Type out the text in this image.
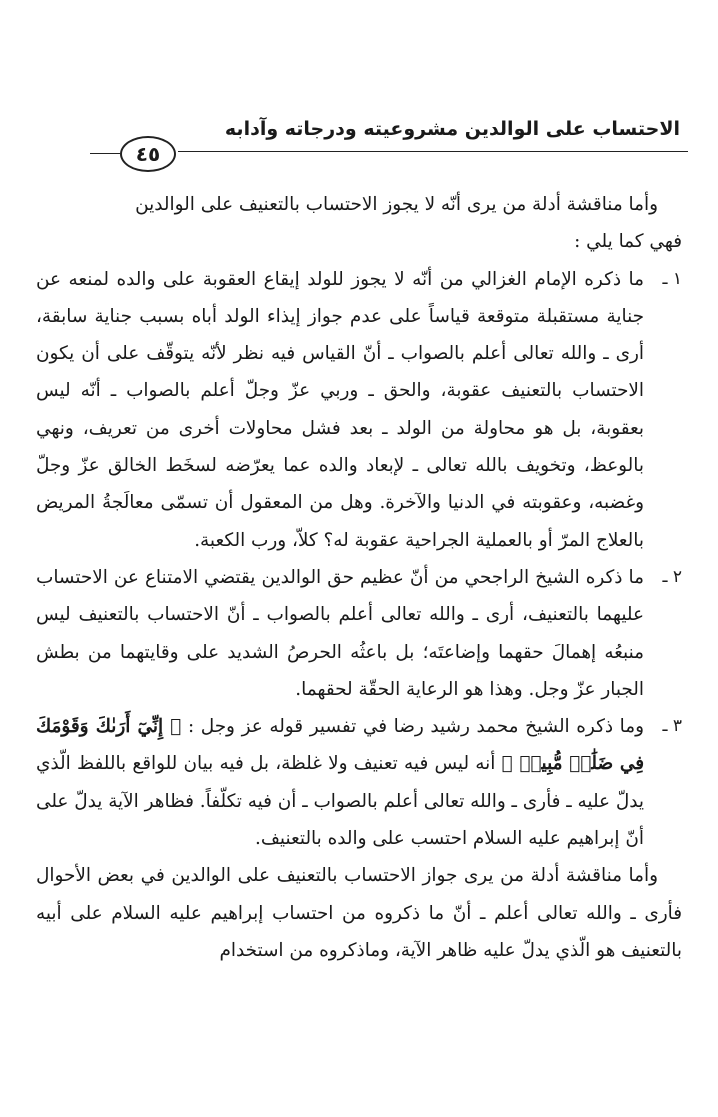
الاحتساب على الوالدين مشروعيته ودرجاته وآدابه
٤٥

وأما مناقشة أدلة من يرى أنّه لا يجوز الاحتساب بالتعنيف على الوالدين

فهي كما يلي :

١ ـ

ما ذكره الإمام الغزالي من أنّه لا يجوز للولد إيقاع العقوبة على والده لمنعه عن جناية مستقبلة متوقعة قياساً على عدم جواز إيذاء الولد أباه بسبب جناية سابقة، أرى ـ والله تعالى أعلم بالصواب ـ أنّ القياس فيه نظر لأنّه يتوقّف على أن يكون الاحتساب بالتعنيف عقوبة، والحق ـ وربي عزّ وجلّ أعلم بالصواب ـ أنّه ليس بعقوبة، بل هو محاولة من الولد ـ بعد فشل محاولات أخرى من تعريف، ونهي بالوعظ، وتخويف بالله تعالى ـ لإبعاد والده عما يعرّضه لسخَط الخالق عزّ وجلّ وغضبه، وعقوبته في الدنيا والآخرة. وهل من المعقول أن تسمّى معالَجةُ المريض بالعلاج المرّ أو بالعملية الجراحية عقوبة له؟ كلاّ، ورب الكعبة.

٢ ـ

ما ذكره الشيخ الراجحي من أنّ عظيم حق الوالدين يقتضي الامتناع عن الاحتساب عليهما بالتعنيف، أرى ـ والله تعالى أعلم بالصواب ـ أنّ الاحتساب بالتعنيف ليس منبعُه إهمالَ حقهما وإضاعتَه؛ بل باعثُه الحرصُ الشديد على وقايتهما من بطش الجبار عزّ وجل. وهذا هو الرعاية الحقّة لحقهما.

٣ ـ

وما ذكره الشيخ محمد رشيد رضا في تفسير قوله عز وجل : ﴿ إِنِّيٓ أَرَىٰكَ وَقَوْمَكَ فِي ضَلَٰلٖ مُّبِينٖ ﴾ أنه ليس فيه تعنيف ولا غلظة، بل فيه بيان للواقع باللفظ الّذي يدلّ عليه ـ فأرى ـ والله تعالى أعلم بالصواب ـ أن فيه تكلّفاً. فظاهر الآية يدلّ على أنّ إبراهيم عليه السلام احتسب على والده بالتعنيف.

وأما مناقشة أدلة من يرى جواز الاحتساب بالتعنيف على الوالدين في بعض الأحوال فأرى ـ والله تعالى أعلم ـ أنّ ما ذكروه من احتساب إبراهيم عليه السلام على أبيه بالتعنيف هو الّذي يدلّ عليه ظاهر الآية، وماذكروه من استخدام
